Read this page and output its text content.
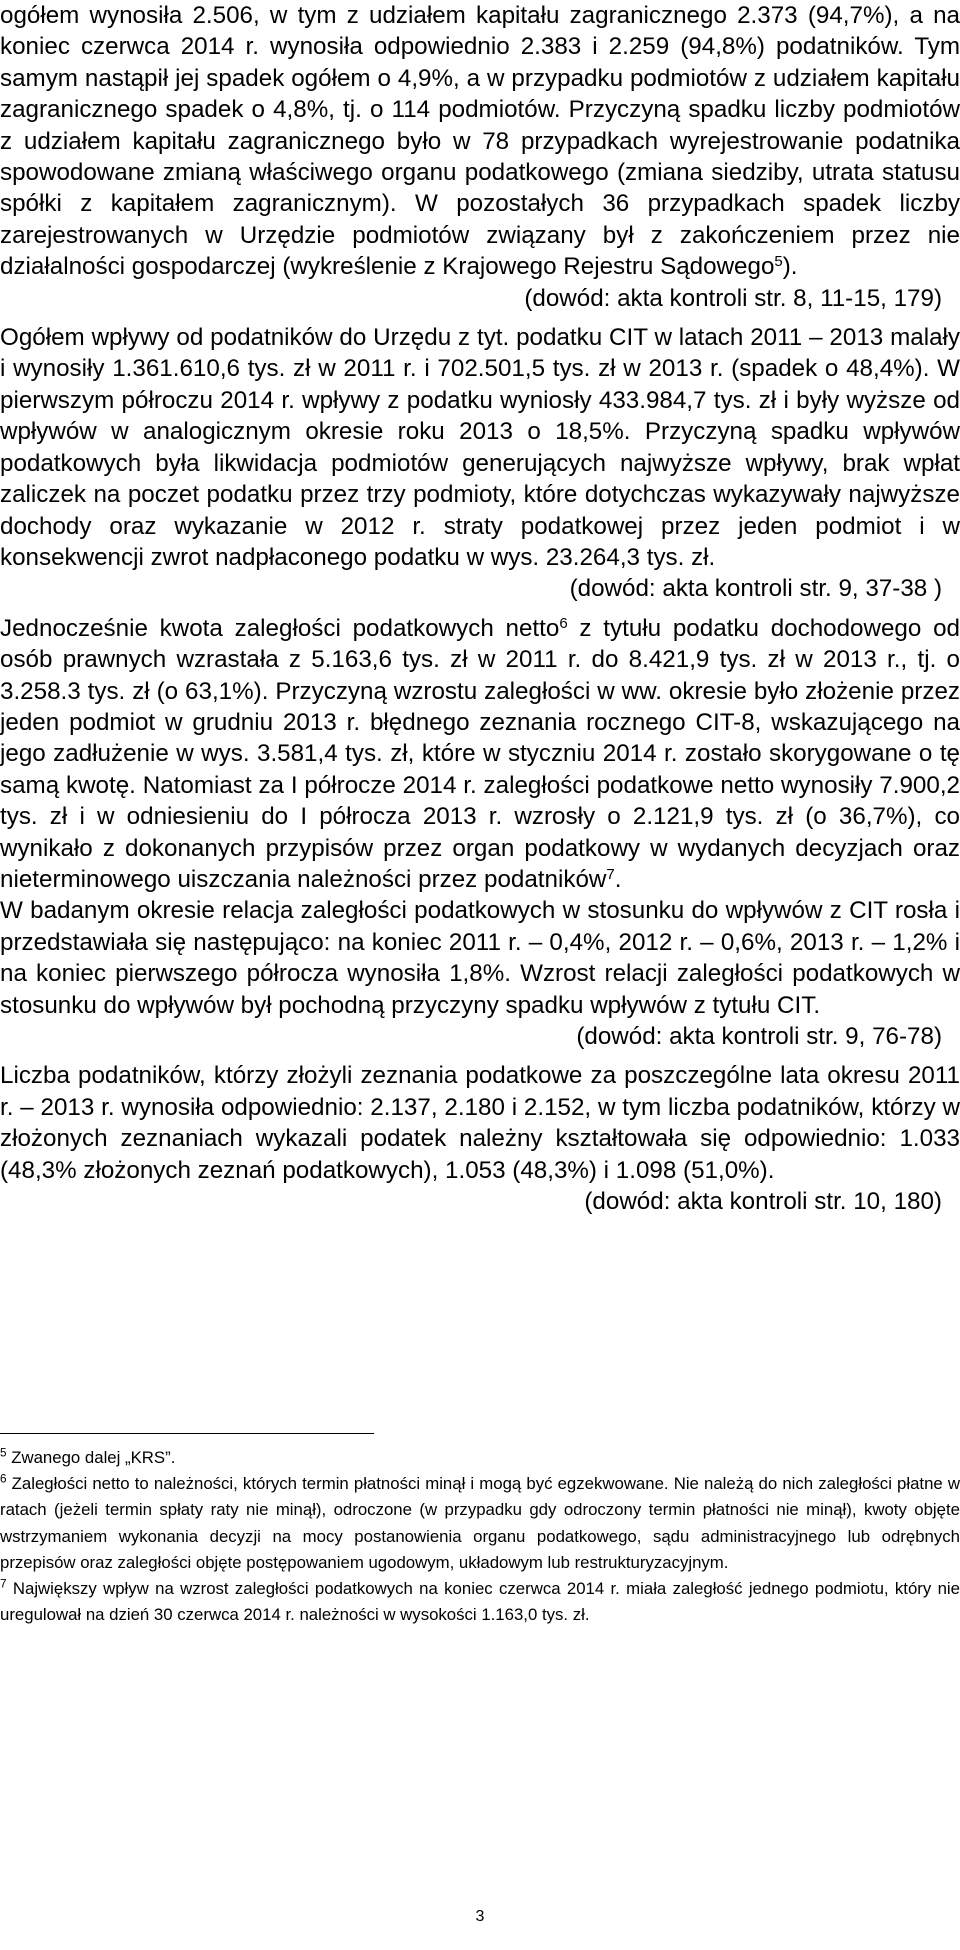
ogółem wynosiła 2.506, w tym z udziałem kapitału zagranicznego 2.373 (94,7%), a na koniec czerwca 2014 r. wynosiła odpowiednio 2.383 i 2.259 (94,8%) podatników. Tym samym nastąpił jej spadek ogółem o 4,9%, a w przypadku podmiotów z udziałem kapitału zagranicznego spadek o 4,8%, tj. o 114 podmiotów. Przyczyną spadku liczby podmiotów z udziałem kapitału zagranicznego było w 78 przypadkach wyrejestrowanie podatnika spowodowane zmianą właściwego organu podatkowego (zmiana siedziby, utrata statusu spółki z kapitałem zagranicznym). W pozostałych 36 przypadkach spadek liczby zarejestrowanych w Urzędzie podmiotów związany był z zakończeniem przez nie działalności gospodarczej (wykreślenie z Krajowego Rejestru Sądowego$^5$).

(dowód: akta kontroli str. 8, 11-15, 179)

Ogółem wpływy od podatników do Urzędu z tyt. podatku CIT w latach 2011 – 2013 malały i wynosiły 1.361.610,6 tys. zł w 2011 r. i 702.501,5 tys. zł w 2013 r. (spadek o 48,4%). W pierwszym półroczu 2014 r. wpływy z podatku wyniosły 433.984,7 tys. zł i były wyższe od wpływów w analogicznym okresie roku 2013 o 18,5%. Przyczyną spadku wpływów podatkowych była likwidacja podmiotów generujących najwyższe wpływy, brak wpłat zaliczek na poczet podatku przez trzy podmioty, które dotychczas wykazywały najwyższe dochody oraz wykazanie w 2012 r. straty podatkowej przez jeden podmiot i w konsekwencji zwrot nadpłaconego podatku w wys. 23.264,3 tys. zł.

(dowód: akta kontroli str. 9, 37-38 )

Jednocześnie kwota zaległości podatkowych netto$^6$ z tytułu podatku dochodowego od osób prawnych wzrastała z 5.163,6 tys. zł w 2011 r. do 8.421,9 tys. zł w 2013 r., tj. o 3.258.3 tys. zł (o 63,1%). Przyczyną wzrostu zaległości w ww. okresie było złożenie przez jeden podmiot w grudniu 2013 r. błędnego zeznania rocznego CIT-8, wskazującego na jego zadłużenie w wys. 3.581,4 tys. zł, które w styczniu 2014 r. zostało skorygowane o tę samą kwotę. Natomiast za I półrocze 2014 r. zaległości podatkowe netto wynosiły 7.900,2 tys. zł i w odniesieniu do I półrocza 2013 r. wzrosły o 2.121,9 tys. zł (o 36,7%), co wynikało z dokonanych przypisów przez organ podatkowy w wydanych decyzjach oraz nieterminowego uiszczania należności przez podatników$^7$.

W badanym okresie relacja zaległości podatkowych w stosunku do wpływów z CIT rosła i przedstawiała się następująco: na koniec 2011 r. – 0,4%, 2012 r. – 0,6%, 2013 r. – 1,2% i na koniec pierwszego półrocza wynosiła 1,8%. Wzrost relacji zaległości podatkowych w stosunku do wpływów był pochodną przyczyny spadku wpływów z tytułu CIT.

(dowód: akta kontroli str. 9, 76-78)

Liczba podatników, którzy złożyli zeznania podatkowe za poszczególne lata okresu 2011 r. – 2013 r. wynosiła odpowiednio: 2.137, 2.180 i 2.152, w tym liczba podatników, którzy w złożonych zeznaniach wykazali podatek należny kształtowała się odpowiednio: 1.033 (48,3% złożonych zeznań podatkowych), 1.053 (48,3%) i 1.098 (51,0%).

(dowód: akta kontroli str. 10, 180)

$^5$ Zwanego dalej „KRS”.

$^6$ Zaległości netto to należności, których termin płatności minął i mogą być egzekwowane. Nie należą do nich zaległości płatne w ratach (jeżeli termin spłaty raty nie minął), odroczone (w przypadku gdy odroczony termin płatności nie minął), kwoty objęte wstrzymaniem wykonania decyzji na mocy postanowienia organu podatkowego, sądu administracyjnego lub odrębnych przepisów oraz zaległości objęte postępowaniem ugodowym, układowym lub restrukturyzacyjnym.

$^7$ Największy wpływ na wzrost zaległości podatkowych na koniec czerwca 2014 r. miała zaległość jednego podmiotu, który nie uregulował na dzień 30 czerwca 2014 r. należności w wysokości 1.163,0 tys. zł.

3
